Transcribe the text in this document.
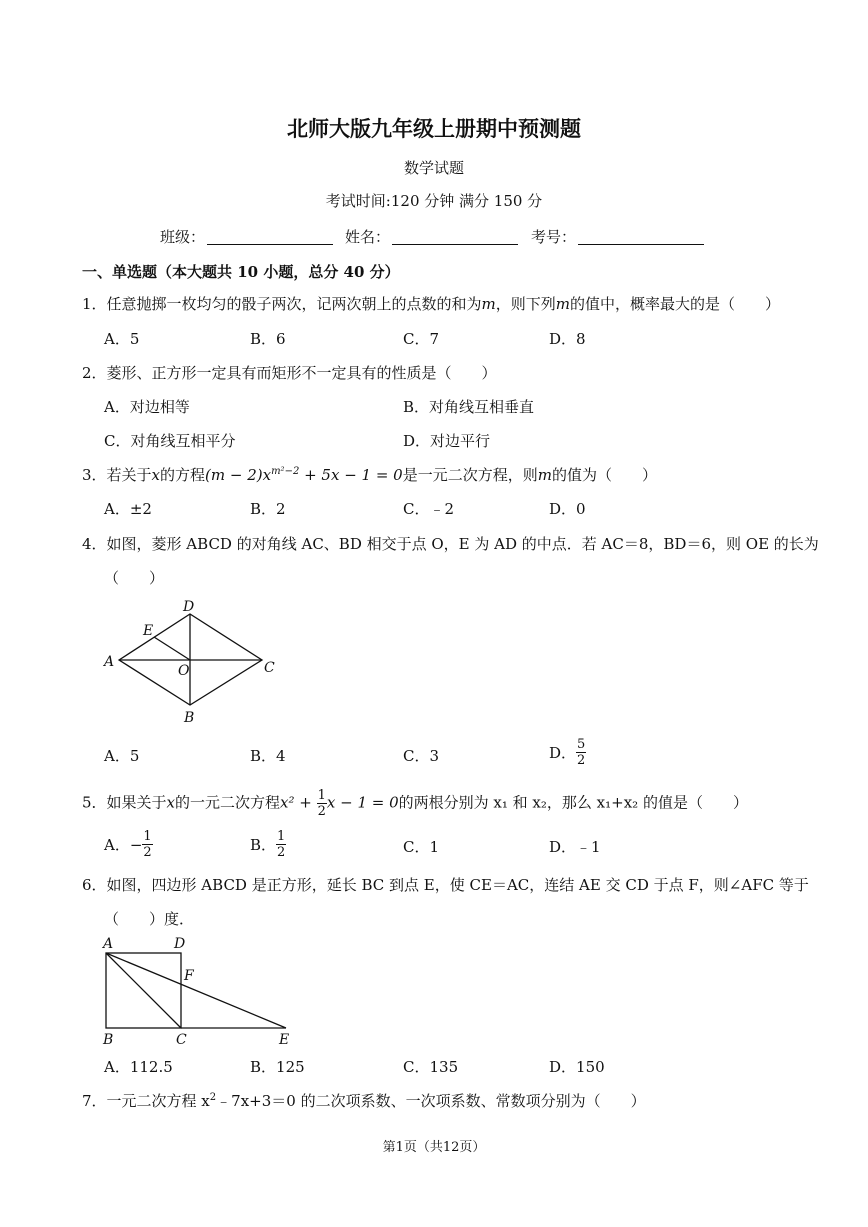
北师大版九年级上册期中预测题
数学试题
考试时间:120 分钟 满分 150 分
班级：	姓名：	考号：
一、单选题（本大题共 10 小题，总分 40 分）
1．任意抛掷一枚均匀的骰子两次，记两次朝上的点数的和为m，则下列m的值中，概率最大的是（　　）
A．5	B．6	C．7	D．8
2．菱形、正方形一定具有而矩形不一定具有的性质是（　　）
A．对边相等	B．对角线互相垂直
C．对角线互相平分	D．对边平行
3．若关于x的方程$(m - 2)x^{m^2-2} + 5x - 1 = 0$是一元二次方程，则m的值为（　　）
A．±2	B．2	C．﹣2	D．0
4．如图，菱形 ABCD 的对角线 AC、BD 相交于点 O，E 为 AD 的中点．若 AC＝8，BD＝6，则 OE 的长为
（　　）
A
B
C
D
E
O
A．5	B．4	C．3	D． $\frac{5}{2}$
5．如果关于x的一元二次方程$x^2 + \frac{1}{2}$ x − 1 = 0的两根分别为 x₁ 和 x₂，那么 x₁+x₂ 的值是（　　）
A．− $\frac{1}{2}$	B． $\frac{1}{2}$	C．1	D．﹣1
6．如图，四边形 ABCD 是正方形，延长 BC 到点 E，使 CE＝AC，连结 AE 交 CD 于点 F，则∠AFC 等于
（　　）度．
A
B	C
D
E
F
A．112.5	B．125	C．135	D．150
7．一元二次方程 $x^2﹣7x+3=0$ 的二次项系数、一次项系数、常数项分别为（　　）
第1页（共12页）
